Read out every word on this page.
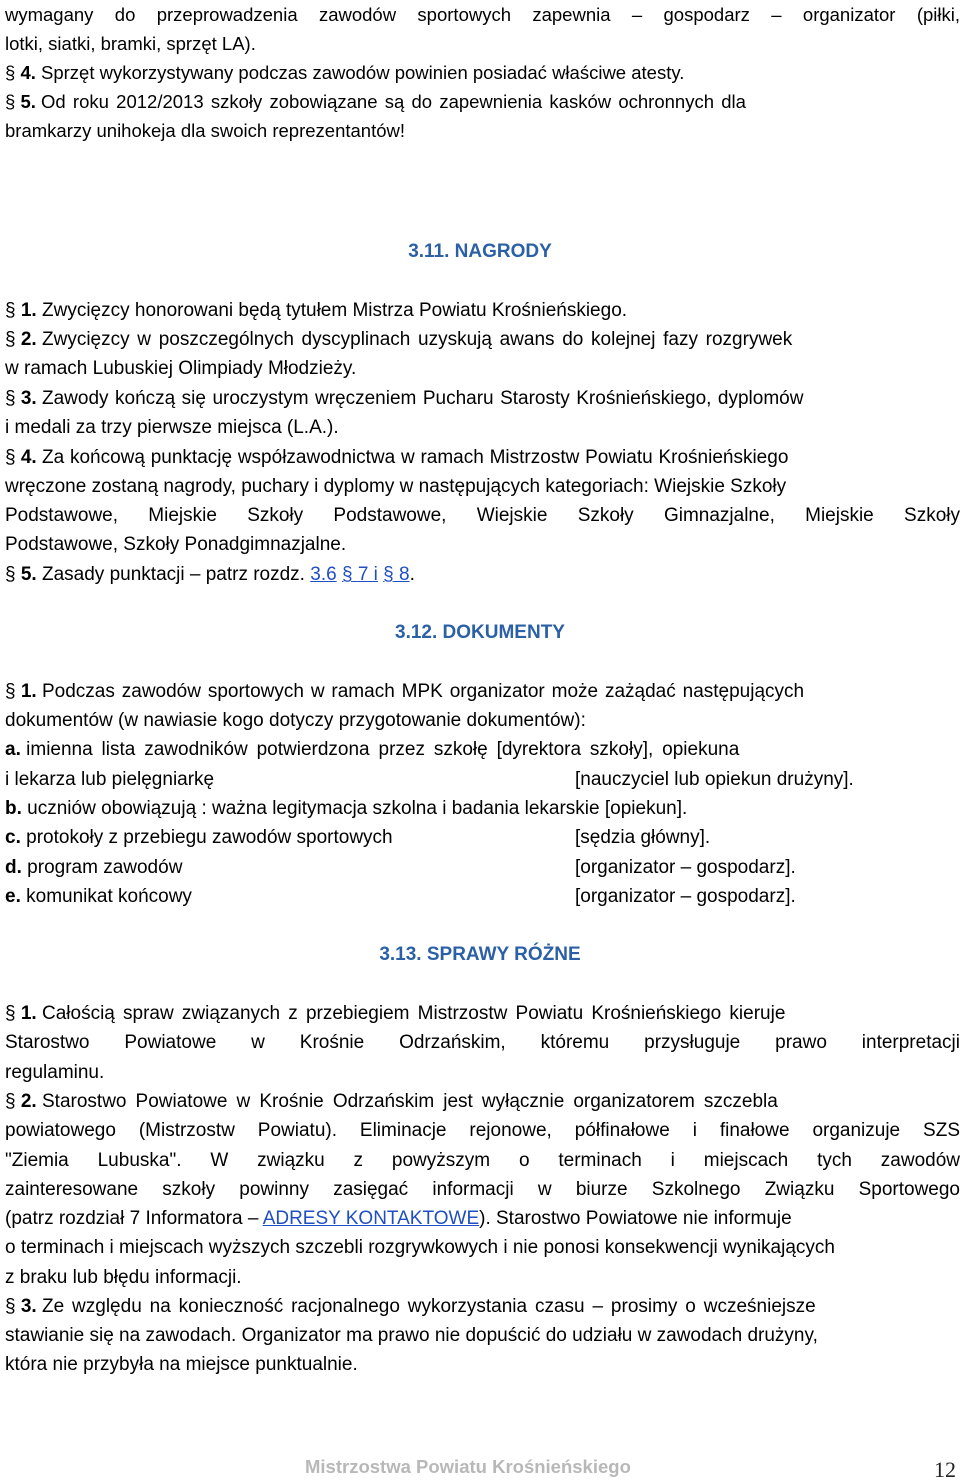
wymagany do przeprowadzenia zawodów sportowych zapewnia – gospodarz – organizator (piłki,
lotki, siatki, bramki, sprzęt LA).
§ 4. Sprzęt wykorzystywany podczas zawodów powinien posiadać właściwe atesty.
§ 5. Od roku 2012/2013 szkoły zobowiązane są do zapewnienia kasków ochronnych dla
bramkarzy unihokeja dla swoich reprezentantów!
3.11. NAGRODY
§ 1. Zwycięzcy honorowani będą tytułem Mistrza Powiatu Krośnieńskiego.
§ 2. Zwycięzcy w poszczególnych dyscyplinach uzyskują awans do kolejnej fazy rozgrywek
w ramach Lubuskiej Olimpiady Młodzieży.
§ 3. Zawody kończą się uroczystym wręczeniem Pucharu Starosty Krośnieńskiego, dyplomów
i medali za trzy pierwsze miejsca (L.A.).
§ 4. Za końcową punktację współzawodnictwa w ramach Mistrzostw Powiatu Krośnieńskiego
wręczone zostaną nagrody, puchary i dyplomy w następujących kategoriach: Wiejskie Szkoły
Podstawowe, Miejskie Szkoły Podstawowe, Wiejskie Szkoły Gimnazjalne, Miejskie Szkoły
Podstawowe, Szkoły Ponadgimnazjalne.
§ 5. Zasady punktacji – patrz rozdz. 3.6 § 7 i § 8.
3.12. DOKUMENTY
§ 1. Podczas zawodów sportowych w ramach MPK organizator może zażądać następujących
dokumentów (w nawiasie kogo dotyczy przygotowanie dokumentów):
a. imienna lista zawodników potwierdzona przez szkołę [dyrektora szkoły], opiekuna
i lekarza lub pielęgniarkę	[nauczyciel lub opiekun drużyny].
b. uczniów obowiązują : ważna legitymacja szkolna i badania lekarskie [opiekun].
c. protokoły z przebiegu zawodów sportowych	[sędzia główny].
d. program zawodów	[organizator – gospodarz].
e. komunikat końcowy	[organizator – gospodarz].
3.13. SPRAWY RÓŻNE
§ 1. Całością spraw związanych z przebiegiem Mistrzostw Powiatu Krośnieńskiego kieruje
Starostwo Powiatowe w Krośnie Odrzańskim, któremu przysługuje prawo interpretacji
regulaminu.
§ 2. Starostwo Powiatowe w Krośnie Odrzańskim jest wyłącznie organizatorem szczebla
powiatowego (Mistrzostw Powiatu). Eliminacje rejonowe, półfinałowe i finałowe organizuje SZS
"Ziemia Lubuska". W związku z powyższym o terminach i miejscach tych zawodów
zainteresowane szkoły powinny zasięgać informacji w biurze Szkolnego Związku Sportowego
(patrz rozdział 7 Informatora – ADRESY KONTAKTOWE). Starostwo Powiatowe nie informuje
o terminach i miejscach wyższych szczebli rozgrywkowych i nie ponosi konsekwencji wynikających
z braku lub błędu informacji.
§ 3. Ze względu na konieczność racjonalnego wykorzystania czasu – prosimy o wcześniejsze
stawianie się na zawodach. Organizator ma prawo nie dopuścić do udziału w zawodach drużyny,
która nie przybyła na miejsce punktualnie.
Mistrzostwa Powiatu Krośnieńskiego	12
